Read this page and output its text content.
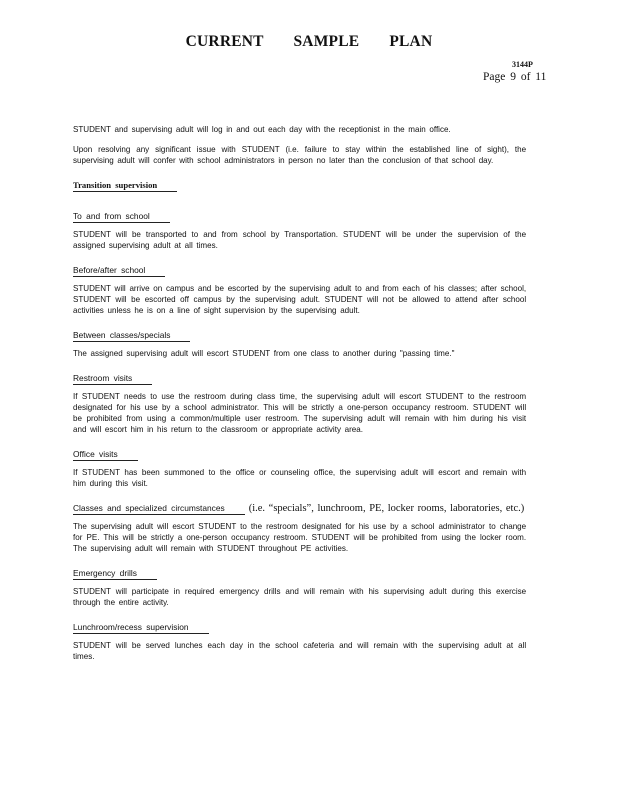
CURRENT SAMPLE PLAN
3144P
Page 9 of 11

STUDENT and supervising adult will log in and out each day with the receptionist in the main office.

Upon resolving any significant issue with STUDENT (i.e. failure to stay within the established line of sight), the supervising adult will confer with school administrators in person no later than the conclusion of that school day.

Transition supervision
To and from school

STUDENT will be transported to and from school by Transportation. STUDENT will be under the supervision of the assigned supervising adult at all times.

Before/after school

STUDENT will arrive on campus and be escorted by the supervising adult to and from each of his classes; after school, STUDENT will be escorted off campus by the supervising adult. STUDENT will not be allowed to attend after school activities unless he is on a line of sight supervision by the supervising adult.

Between classes/specials

The assigned supervising adult will escort STUDENT from one class to another during "passing time."

Restroom visits

If STUDENT needs to use the restroom during class time, the supervising adult will escort STUDENT to the restroom designated for his use by a school administrator. This will be strictly a one-person occupancy restroom. STUDENT will be prohibited from using a common/multiple user restroom. The supervising adult will remain with him during his visit and will escort him in his return to the classroom or appropriate activity area.

Office visits

If STUDENT has been summoned to the office or counseling office, the supervising adult will escort and remain with him during this visit.

Classes and specialized circumstances (i.e. “specials”, lunchroom, PE, locker rooms, laboratories, etc.)

The supervising adult will escort STUDENT to the restroom designated for his use by a school administrator to change for PE. This will be strictly a one-person occupancy restroom. STUDENT will be prohibited from using the locker room. The supervising adult will remain with STUDENT throughout PE activities.

Emergency drills

STUDENT will participate in required emergency drills and will remain with his supervising adult during this exercise through the entire activity.

Lunchroom/recess supervision

STUDENT will be served lunches each day in the school cafeteria and will remain with the supervising adult at all times.
